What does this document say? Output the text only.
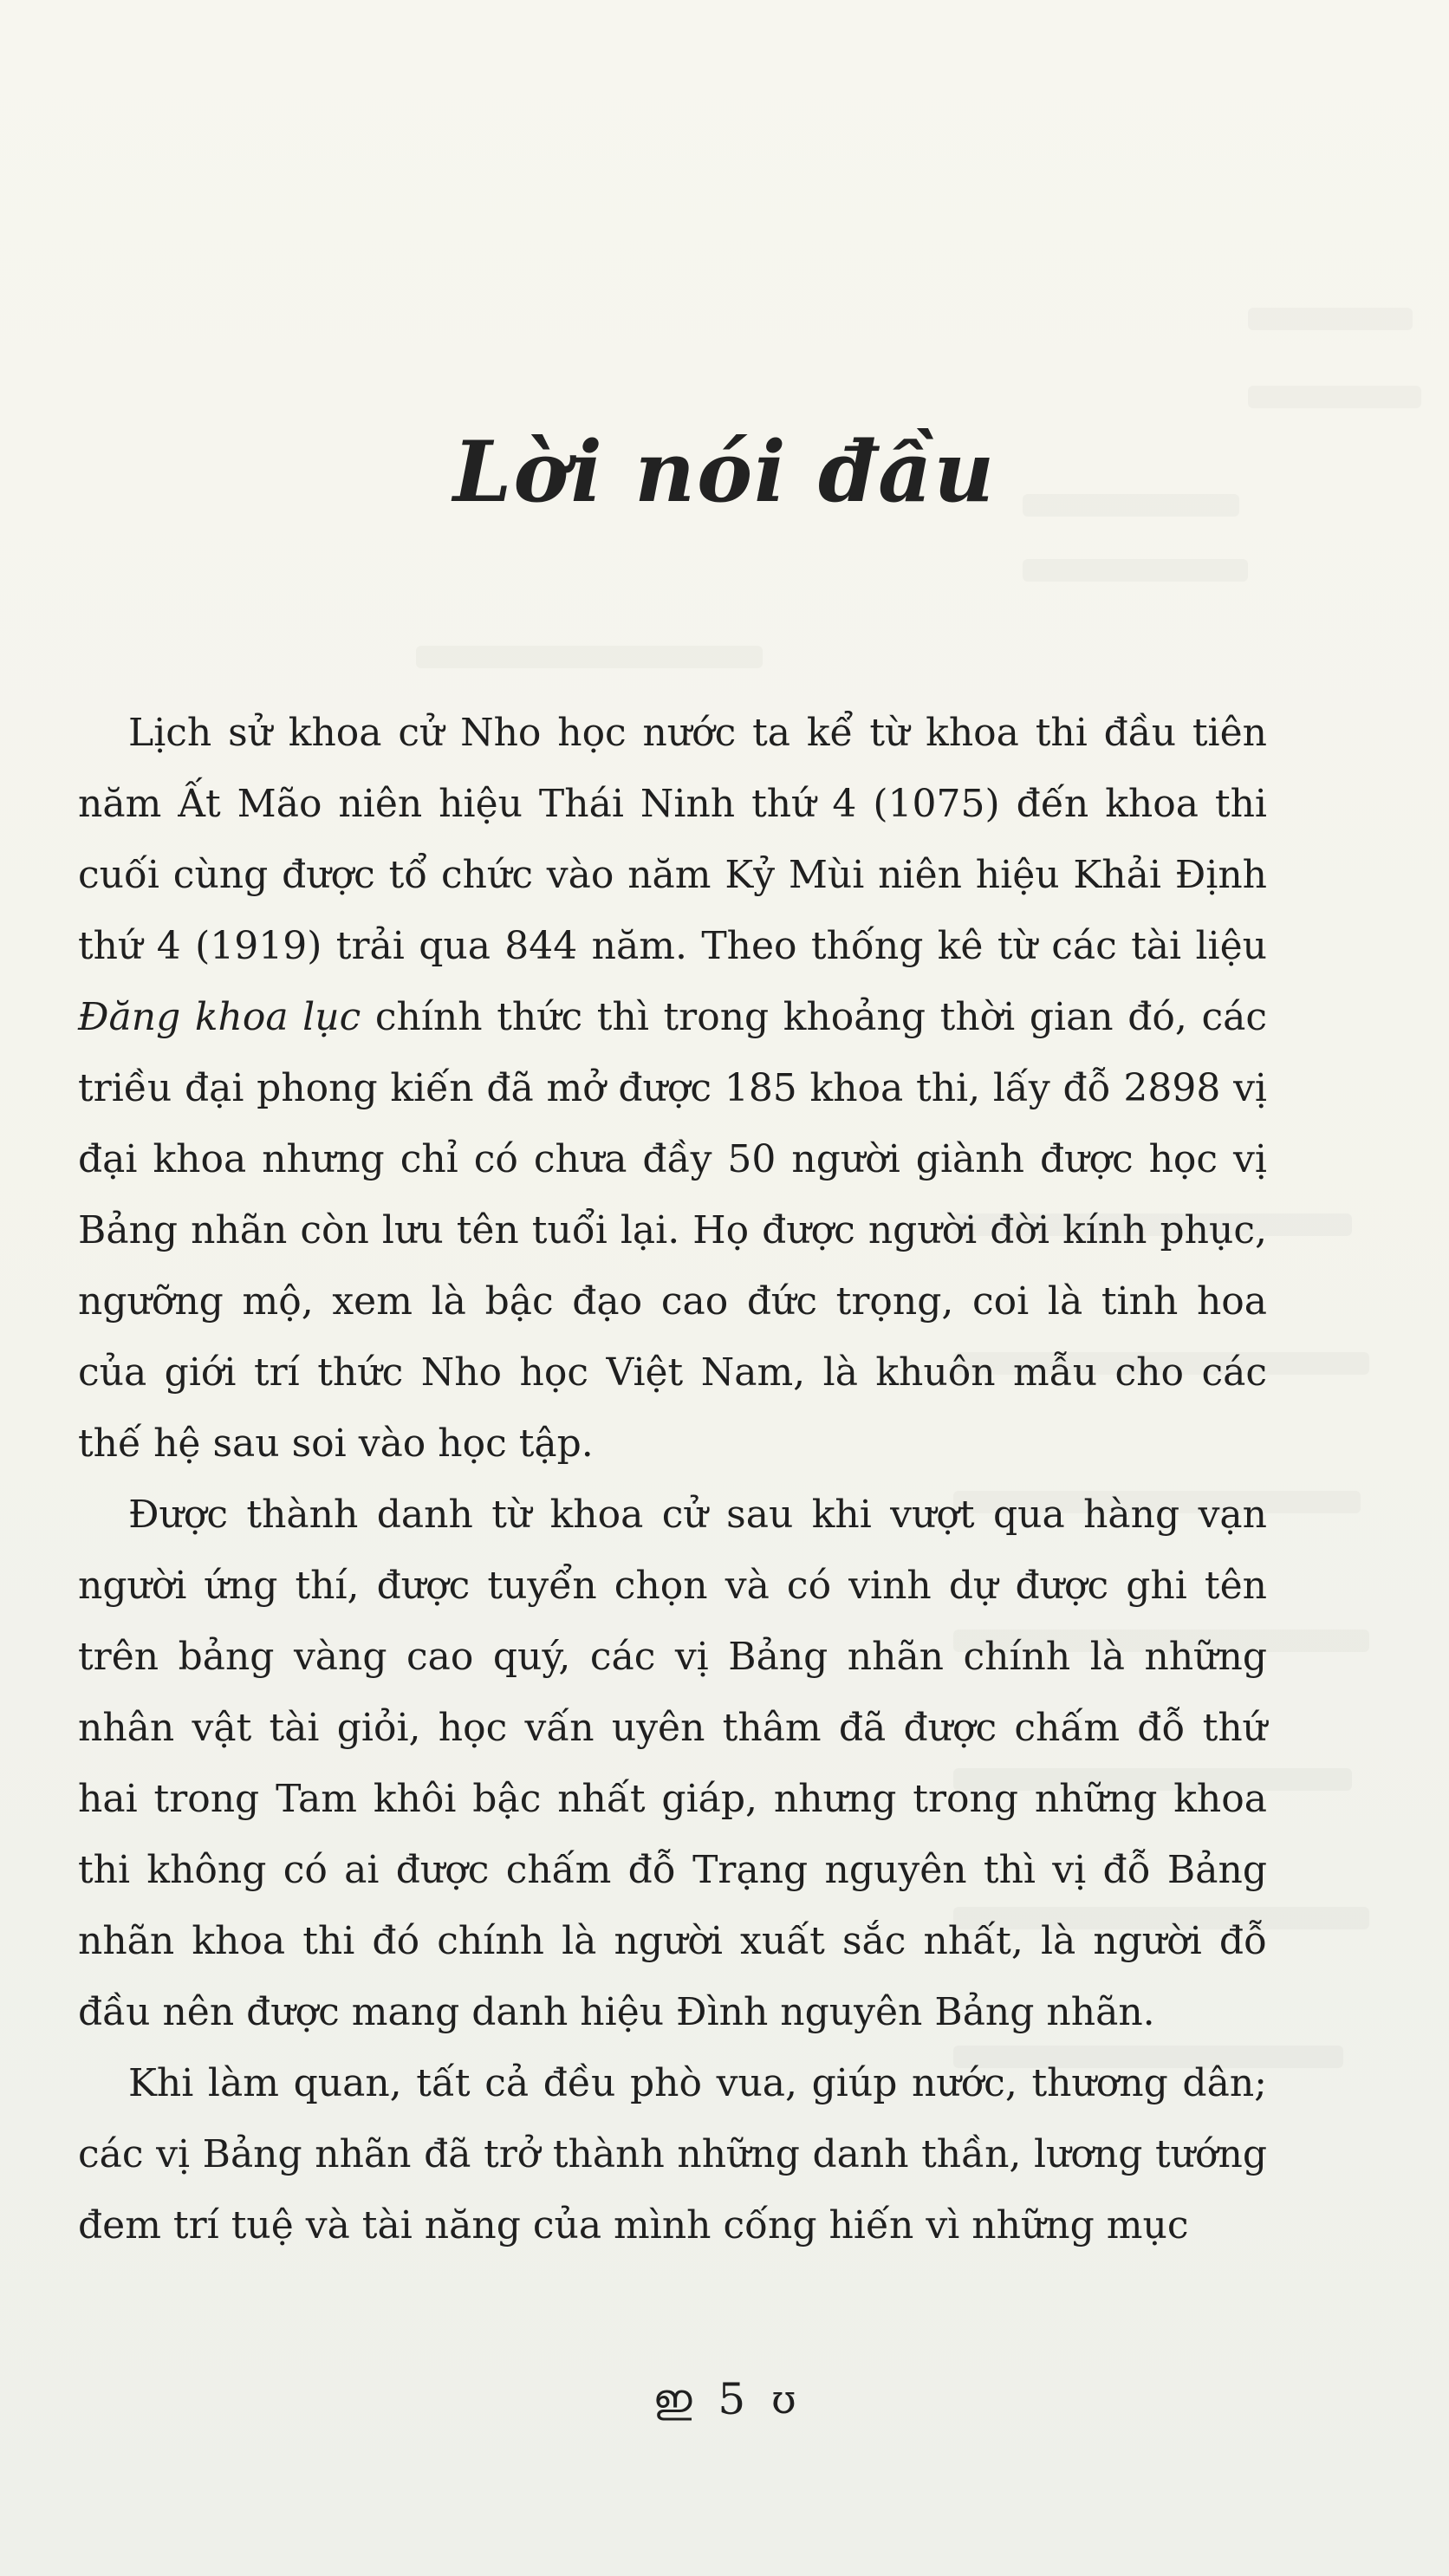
Lời nói đầu

Lịch sử khoa cử Nho học nước ta kể từ khoa thi đầu tiên năm Ất Mão niên hiệu Thái Ninh thứ 4 (1075) đến khoa thi cuối cùng được tổ chức vào năm Kỷ Mùi niên hiệu Khải Định thứ 4 (1919) trải qua 844 năm. Theo thống kê từ các tài liệu Đăng khoa lục chính thức thì trong khoảng thời gian đó, các triều đại phong kiến đã mở được 185 khoa thi, lấy đỗ 2898 vị đại khoa nhưng chỉ có chưa đầy 50 người giành được học vị Bảng nhãn còn lưu tên tuổi lại. Họ được người đời kính phục, ngưỡng mộ, xem là bậc đạo cao đức trọng, coi là tinh hoa của giới trí thức Nho học Việt Nam, là khuôn mẫu cho các thế hệ sau soi vào học tập.

Được thành danh từ khoa cử sau khi vượt qua hàng vạn người ứng thí, được tuyển chọn và có vinh dự được ghi tên trên bảng vàng cao quý, các vị Bảng nhãn chính là những nhân vật tài giỏi, học vấn uyên thâm đã được chấm đỗ thứ hai trong Tam khôi bậc nhất giáp, nhưng trong những khoa thi không có ai được chấm đỗ Trạng nguyên thì vị đỗ Bảng nhãn khoa thi đó chính là người xuất sắc nhất, là người đỗ đầu nên được mang danh hiệu Đình nguyên Bảng nhãn.

Khi làm quan, tất cả đều phò vua, giúp nước, thương dân; các vị Bảng nhãn đã trở thành những danh thần, lương tướng đem trí tuệ và tài năng của mình cống hiến vì những mục

ഇ 5 ʊ
